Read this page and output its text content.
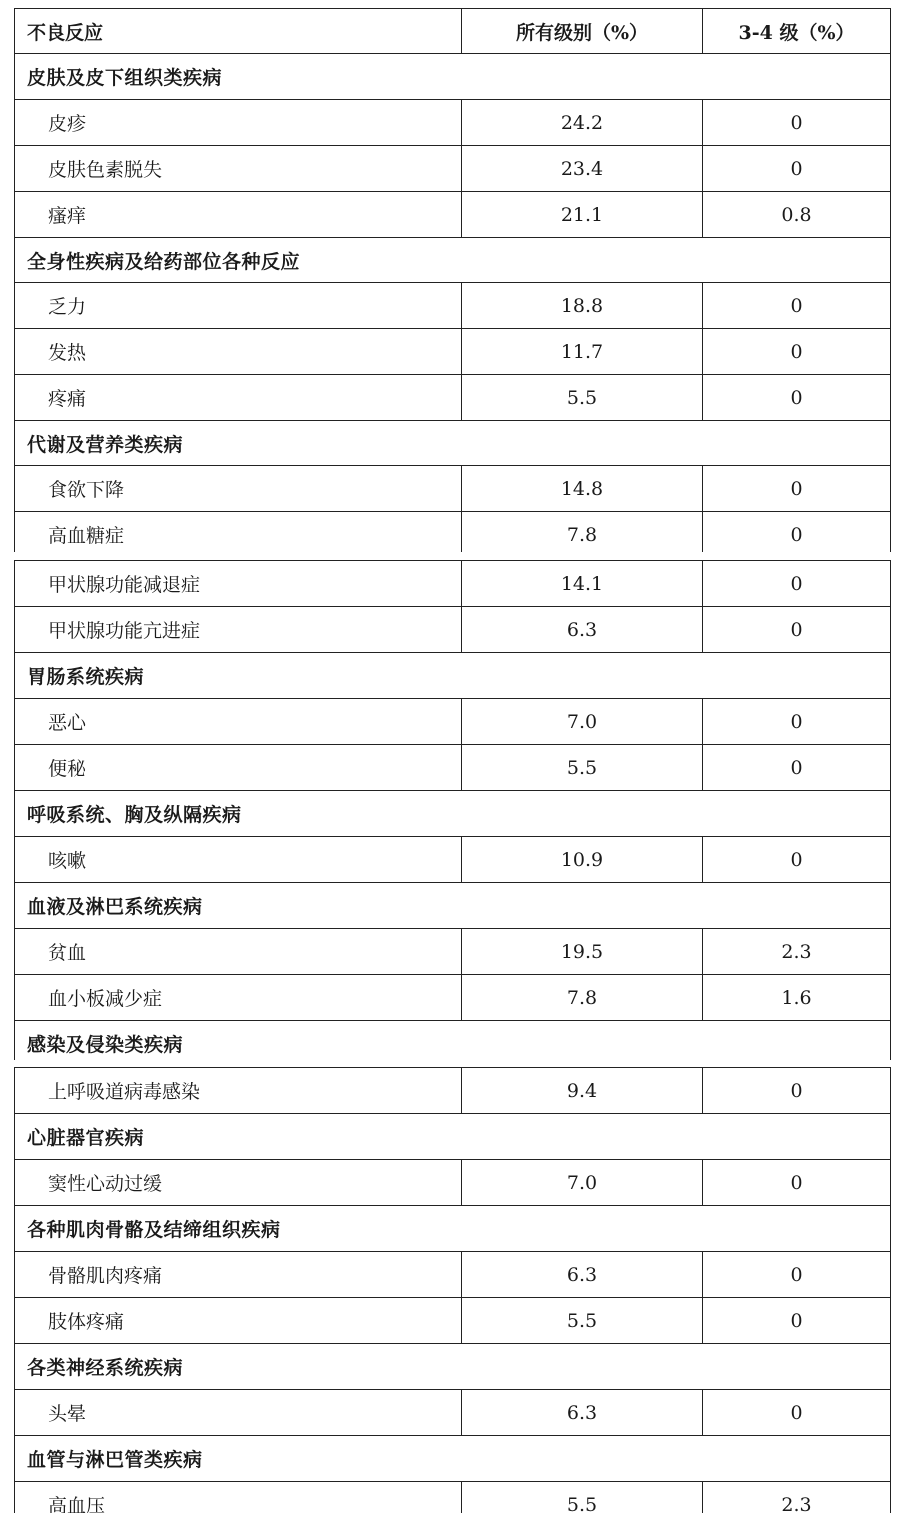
不良反应	所有级别（%）	3-4 级（%）
皮肤及皮下组织类疾病		
皮疹	24.2	0
皮肤色素脱失	23.4	0
瘙痒	21.1	0.8
全身性疾病及给药部位各种反应		
乏力	18.8	0
发热	11.7	0
疼痛	5.5	0
代谢及营养类疾病		
食欲下降	14.8	0
高血糖症	7.8	0
甲状腺功能减退症	14.1	0
甲状腺功能亢进症	6.3	0
胃肠系统疾病		
恶心	7.0	0
便秘	5.5	0
呼吸系统、胸及纵隔疾病		
咳嗽	10.9	0
血液及淋巴系统疾病		
贫血	19.5	2.3
血小板减少症	7.8	1.6
感染及侵染类疾病		
上呼吸道病毒感染	9.4	0
心脏器官疾病		
窦性心动过缓	7.0	0
各种肌肉骨骼及结缔组织疾病		
骨骼肌肉疼痛	6.3	0
肢体疼痛	5.5	0
各类神经系统疾病		
头晕	6.3	0
血管与淋巴管类疾病		
高血压	5.5	2.3
